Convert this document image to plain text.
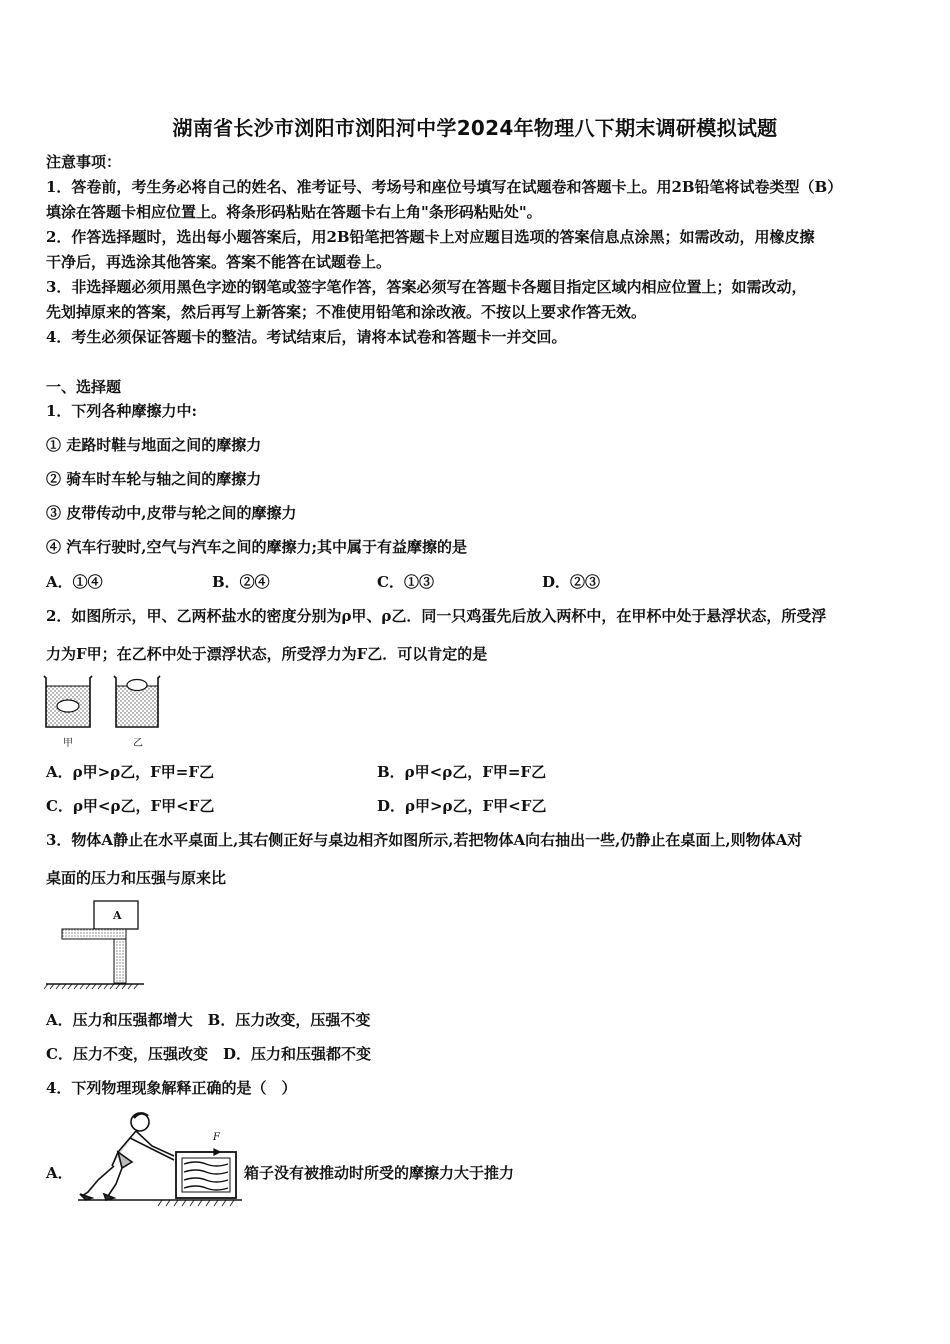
湖南省长沙市浏阳市浏阳河中学2024年物理八下期末调研模拟试题
注意事项：
1．答卷前，考生务必将自己的姓名、准考证号、考场号和座位号填写在试题卷和答题卡上。用2B铅笔将试卷类型（B）
填涂在答题卡相应位置上。将条形码粘贴在答题卡右上角"条形码粘贴处"。
2．作答选择题时，选出每小题答案后，用2B铅笔把答题卡上对应题目选项的答案信息点涂黑；如需改动，用橡皮擦
干净后，再选涂其他答案。答案不能答在试题卷上。
3．非选择题必须用黑色字迹的钢笔或签字笔作答，答案必须写在答题卡各题目指定区域内相应位置上；如需改动，
先划掉原来的答案，然后再写上新答案；不准使用铅笔和涂改液。不按以上要求作答无效。
4．考生必须保证答题卡的整洁。考试结束后，请将本试卷和答题卡一并交回。
一、选择题
1．下列各种摩擦力中:
① 走路时鞋与地面之间的摩擦力
② 骑车时车轮与轴之间的摩擦力
③ 皮带传动中,皮带与轮之间的摩擦力
④ 汽车行驶时,空气与汽车之间的摩擦力;其中属于有益摩擦的是
A．①④	B．②④	C．①③	D．②③
2．如图所示，甲、乙两杯盐水的密度分别为ρ甲、ρ乙．同一只鸡蛋先后放入两杯中，在甲杯中处于悬浮状态，所受浮
力为F甲；在乙杯中处于漂浮状态，所受浮力为F乙．可以肯定的是
甲	乙
A．ρ甲>ρ乙，F甲=F乙	B．ρ甲<ρ乙，F甲=F乙
C．ρ甲<ρ乙，F甲<F乙	D．ρ甲>ρ乙，F甲<F乙
3．物体A静止在水平桌面上,其右侧正好与桌边相齐如图所示,若把物体A向右抽出一些,仍静止在桌面上,则物体A对
桌面的压力和压强与原来比
A
A．压力和压强都增大　B．压力改变，压强不变
C．压力不变，压强改变　D．压力和压强都不变
4．下列物理现象解释正确的是（　）
A．
F
箱子没有被推动时所受的摩擦力大于推力
